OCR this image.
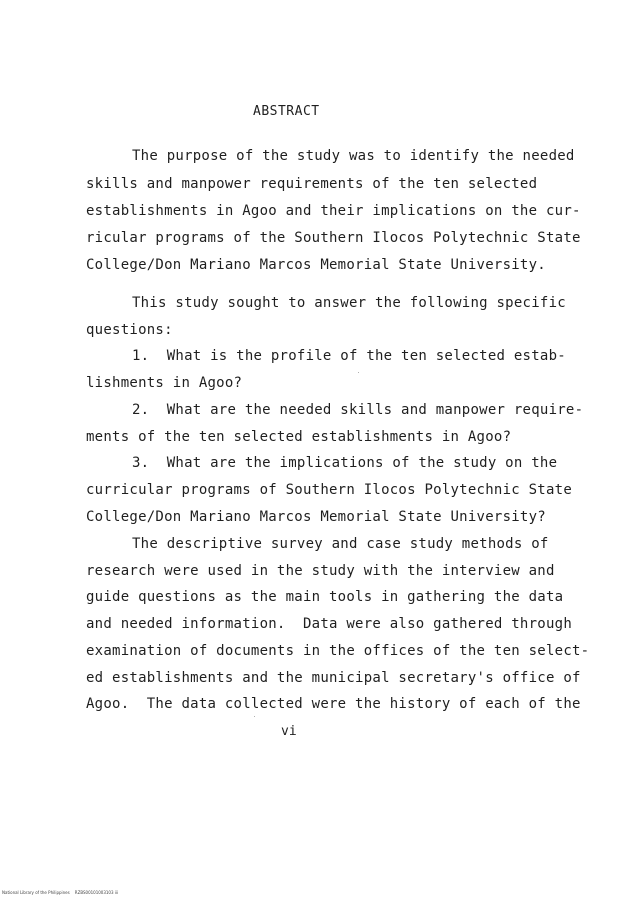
ABSTRACT
The purpose of the study was to identify the needed
skills and manpower requirements of the ten selected
establishments in Agoo and their implications on the cur-
ricular programs of the Southern Ilocos Polytechnic State
College/Don Mariano Marcos Memorial State University.
This study sought to answer the following specific
questions:
1.  What is the profile of the ten selected estab-
lishments in Agoo?
2.  What are the needed skills and manpower require-
ments of the ten selected establishments in Agoo?
3.  What are the implications of the study on the
curricular programs of Southern Ilocos Polytechnic State
College/Don Mariano Marcos Memorial State University?
The descriptive survey and case study methods of
research were used in the study with the interview and
guide questions as the main tools in gathering the data
and needed information.  Data were also gathered through
examination of documents in the offices of the ten select-
ed establishments and the municipal secretary's office of
Agoo.  The data collected were the history of each of the
vi
National Library of the Philippines    RZBS00101003103 iii
